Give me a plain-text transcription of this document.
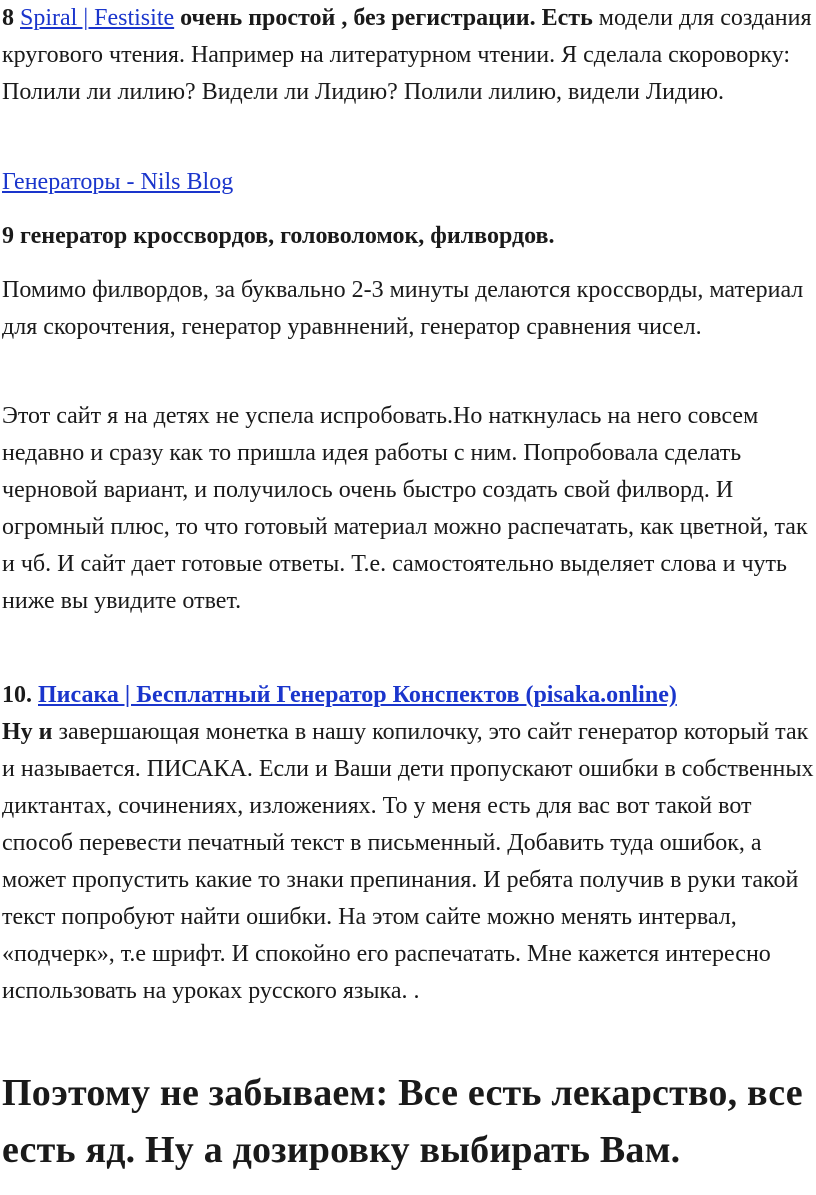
8 Spiral | Festisite очень простой , без регистрации. Есть модели для создания кругового чтения. Например на литературном чтении. Я сделала скороворку: Полили ли лилию? Видели ли Лидию? Полили лилию, видели Лидию.

Генераторы - Nils Blog

9 генератор кроссвордов, головоломок, филвордов.

Помимо филвордов, за буквально 2-3 минуты делаются кроссворды, материал для скорочтения, генератор уравннений, генератор сравнения чисел.

Этот сайт я на детях не успела испробовать.Но наткнулась на него совсем недавно и сразу как то пришла идея работы с ним. Попробовала сделать черновой вариант, и получилось очень быстро создать свой филворд. И огромный плюс, то что готовый материал можно распечатать, как цветной, так и чб. И сайт дает готовые ответы. Т.е. самостоятельно выделяет слова и чуть ниже вы увидите ответ.

10. Писака | Бесплатный Генератор Конспектов (pisaka.online)
Ну и завершающая монетка в нашу копилочку, это сайт генератор который так и называется. ПИСАКА. Если и Ваши дети пропускают ошибки в собственных диктантах, сочинениях, изложениях. То у меня есть для вас вот такой вот способ перевести печатный текст в письменный. Добавить туда ошибок, а может пропустить какие то знаки препинания. И ребята получив в руки такой текст попробуют найти ошибки. На этом сайте можно менять интервал, «подчерк», т.е шрифт. И спокойно его распечатать. Мне кажется интересно использовать на уроках русского языка. .

Поэтому не забываем: Все есть лекарство, все есть яд. Ну а дозировку выбирать Вам.
